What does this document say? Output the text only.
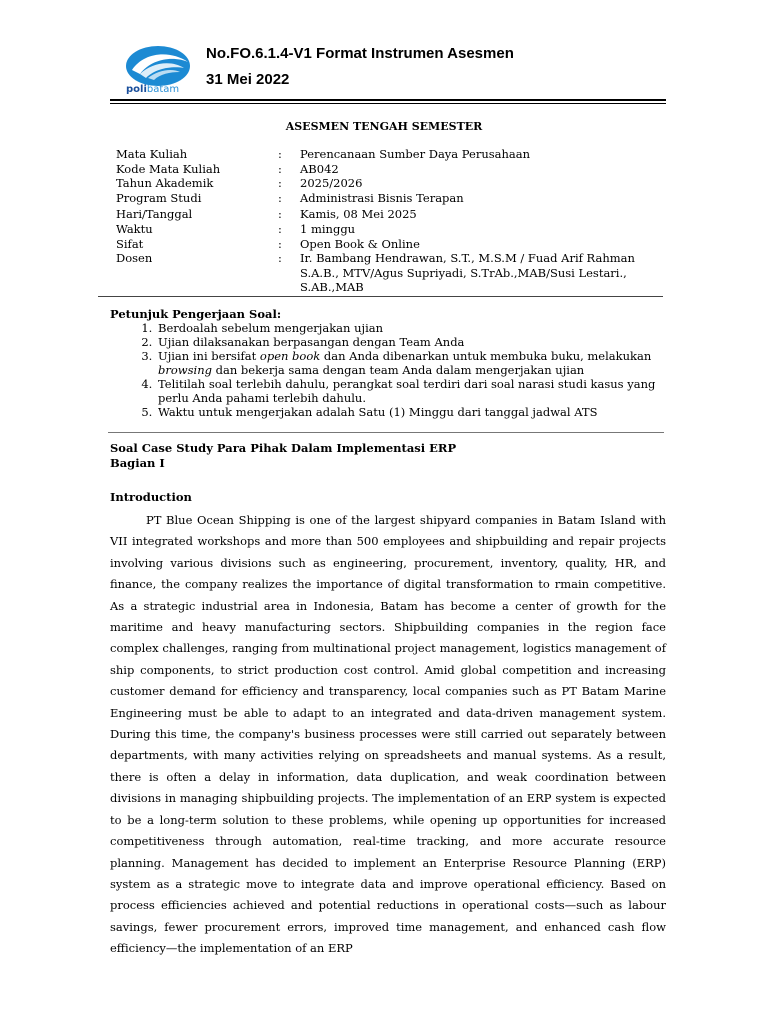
polibatam
No.FO.6.1.4-V1 Format Instrumen Asesmen
31 Mei 2022
ASESMEN TENGAH SEMESTER
Mata Kuliah	:	Perencanaan Sumber Daya Perusahaan
Kode Mata Kuliah	:	AB042
Tahun Akademik	:	2025/2026
Program Studi	:	Administrasi Bisnis Terapan
Hari/Tanggal	:	Kamis, 08 Mei 2025
Waktu	:	1 minggu
Sifat	:	Open Book & Online
Dosen	:	Ir. Bambang Hendrawan, S.T., M.S.M / Fuad Arif Rahman S.A.B., MTV/Agus Supriyadi, S.TrAb.,MAB/Susi Lestari., S.AB.,MAB
Petunjuk Pengerjaan Soal:
1. Berdoalah sebelum mengerjakan ujian
2. Ujian dilaksanakan berpasangan dengan Team Anda
3. Ujian ini bersifat open book dan Anda dibenarkan untuk membuka buku, melakukan browsing dan bekerja sama dengan team Anda dalam mengerjakan ujian
4. Telitilah soal terlebih dahulu, perangkat soal terdiri dari soal narasi studi kasus yang perlu Anda pahami terlebih dahulu.
5. Waktu untuk mengerjakan adalah Satu (1) Minggu dari tanggal jadwal ATS
Soal Case Study Para Pihak Dalam Implementasi ERP
Bagian I
Introduction
PT Blue Ocean Shipping is one of the largest shipyard companies in Batam Island with VII integrated workshops and more than 500 employees and shipbuilding and repair projects involving various divisions such as engineering, procurement, inventory, quality, HR, and finance, the company realizes the importance of digital transformation to rmain competitive. As a strategic industrial area in Indonesia, Batam has become a center of growth for the maritime and heavy manufacturing sectors. Shipbuilding companies in the region face complex challenges, ranging from multinational project management, logistics management of ship components, to strict production cost control. Amid global competition and increasing customer demand for efficiency and transparency, local companies such as PT Batam Marine Engineering must be able to adapt to an integrated and data-driven management system. During this time, the company's business processes were still carried out separately between departments, with many activities relying on spreadsheets and manual systems. As a result, there is often a delay in information, data duplication, and weak coordination between divisions in managing shipbuilding projects. The implementation of an ERP system is expected to be a long-term solution to these problems, while opening up opportunities for increased competitiveness through automation, real-time tracking, and more accurate resource planning. Management has decided to implement an Enterprise Resource Planning (ERP) system as a strategic move to integrate data and improve operational efficiency. Based on process efficiencies achieved and potential reductions in operational costs—such as labour savings, fewer procurement errors, improved time management, and enhanced cash flow efficiency—the implementation of an ERP
